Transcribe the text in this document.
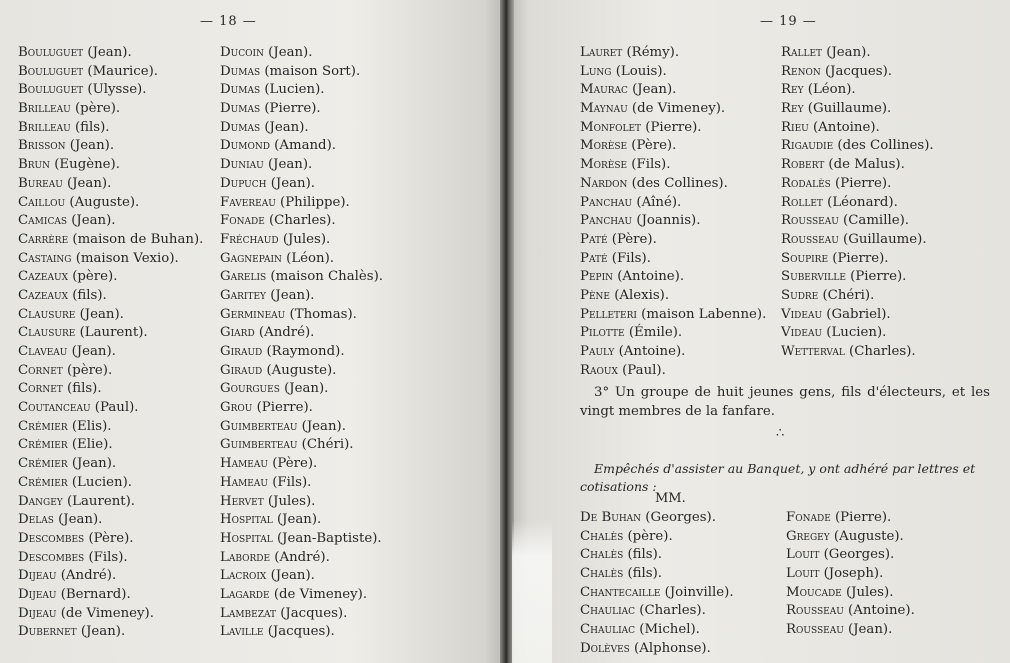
— 18 —
Bouluguet (Jean).
Bouluguet (Maurice).
Bouluguet (Ulysse).
Brilleau (père).
Brilleau (fils).
Brisson (Jean).
Brun (Eugène).
Bureau (Jean).
Caillou (Auguste).
Camicas (Jean).
Carrère (maison de Buhan).
Castaing (maison Vexio).
Cazeaux (père).
Cazeaux (fils).
Clausure (Jean).
Clausure (Laurent).
Claveau (Jean).
Cornet (père).
Cornet (fils).
Coutanceau (Paul).
Crémier (Elis).
Crémier (Elie).
Crémier (Jean).
Crémier (Lucien).
Dangey (Laurent).
Delas (Jean).
Descombes (Père).
Descombes (Fils).
Dijeau (André).
Dijeau (Bernard).
Dijeau (de Vimeney).
Dubernet (Jean).
Ducoin (Jean).
Dumas (maison Sort).
Dumas (Lucien).
Dumas (Pierre).
Dumas (Jean).
Dumond (Amand).
Duniau (Jean).
Dupuch (Jean).
Favereau (Philippe).
Fonade (Charles).
Fréchaud (Jules).
Gagnepain (Léon).
Garelis (maison Chalès).
Garitey (Jean).
Germineau (Thomas).
Giard (André).
Giraud (Raymond).
Giraud (Auguste).
Gourgues (Jean).
Grou (Pierre).
Guimberteau (Jean).
Guimberteau (Chéri).
Hameau (Père).
Hameau (Fils).
Hervet (Jules).
Hospital (Jean).
Hospital (Jean-Baptiste).
Laborde (André).
Lacroix (Jean).
Lagarde (de Vimeney).
Lambezat (Jacques).
Laville (Jacques).
— 19 —
Lauret (Rémy).
Lung (Louis).
Maurac (Jean).
Maynau (de Vimeney).
Monfolet (Pierre).
Morèse (Père).
Morèse (Fils).
Nardon (des Collines).
Panchau (Aîné).
Panchau (Joannis).
Paté (Père).
Paté (Fils).
Pepin (Antoine).
Pène (Alexis).
Pelleteri (maison Labenne).
Pilotte (Émile).
Pauly (Antoine).
Raoux (Paul).
Rallet (Jean).
Renon (Jacques).
Rey (Léon).
Rey (Guillaume).
Rieu (Antoine).
Rigaudie (des Collines).
Robert (de Malus).
Rodalès (Pierre).
Rollet (Léonard).
Rousseau (Camille).
Rousseau (Guillaume).
Soupire (Pierre).
Suberville (Pierre).
Sudre (Chéri).
Videau (Gabriel).
Videau (Lucien).
Wetterval (Charles).
3° Un groupe de huit jeunes gens, fils d'électeurs, et les vingt membres de la fanfare.
∴
Empêchés d'assister au Banquet, y ont adhéré par lettres et cotisations :
MM.
De Buhan (Georges).
Chalès (père).
Chalès (fils).
Chalès (fils).
Chantecaille (Joinville).
Chauliac (Charles).
Chauliac (Michel).
Dolèves (Alphonse).
Fonade (Pierre).
Gregey (Auguste).
Louit (Georges).
Louit (Joseph).
Moucade (Jules).
Rousseau (Antoine).
Rousseau (Jean).
